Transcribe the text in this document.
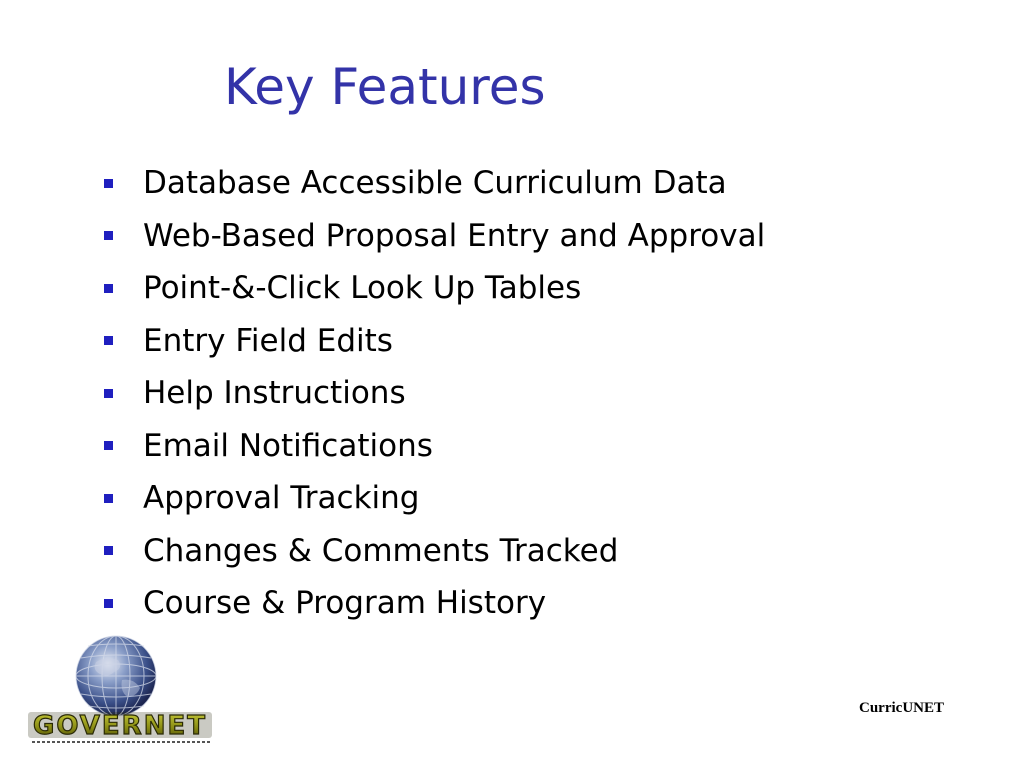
Key Features
Database Accessible Curriculum Data
Web-Based Proposal Entry and Approval
Point-&-Click Look Up Tables
Entry Field Edits
Help Instructions
Email Notifications
Approval Tracking
Changes & Comments Tracked
Course & Program History
GOVERNET
CurricUNET
